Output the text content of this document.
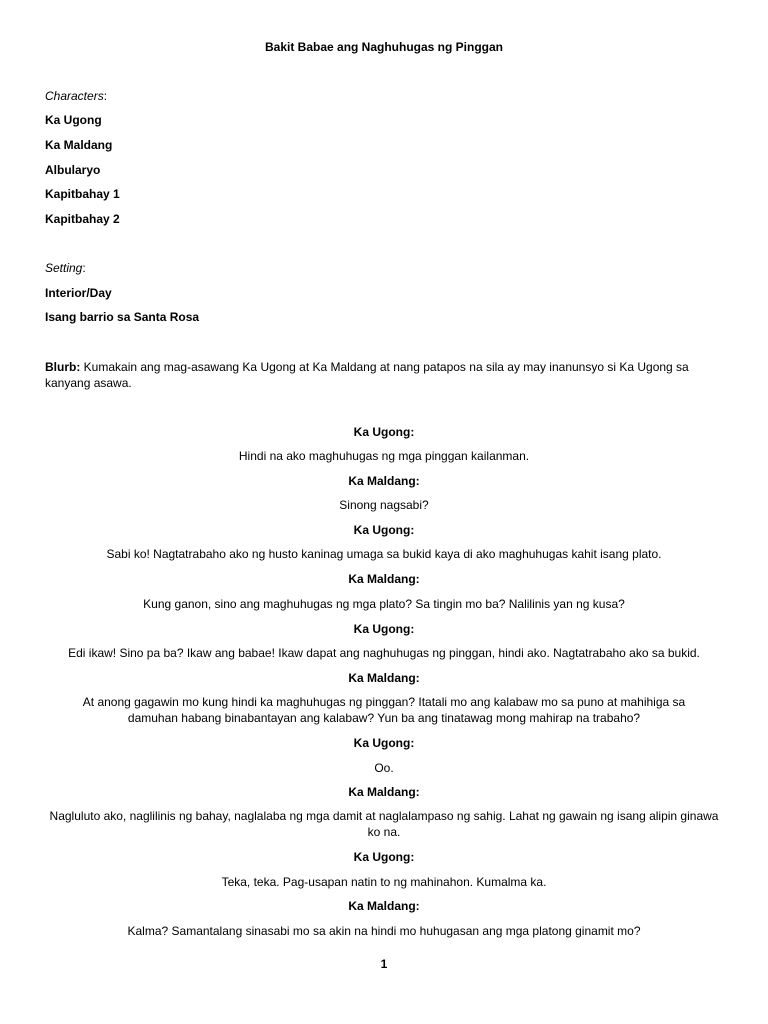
Bakit Babae ang Naghuhugas ng Pinggan
Characters:
Ka Ugong
Ka Maldang
Albularyo
Kapitbahay 1
Kapitbahay 2
Setting:
Interior/Day
Isang barrio sa Santa Rosa
Blurb: Kumakain ang mag-asawang Ka Ugong at Ka Maldang at nang patapos na sila ay may inanunsyo si Ka Ugong sa kanyang asawa.
Ka Ugong:
Hindi na ako maghuhugas ng mga pinggan kailanman.
Ka Maldang:
Sinong nagsabi?
Ka Ugong:
Sabi ko! Nagtatrabaho ako ng husto kaninag umaga sa bukid kaya di ako maghuhugas kahit isang plato.
Ka Maldang:
Kung ganon, sino ang maghuhugas ng mga plato? Sa tingin mo ba? Nalilinis yan ng kusa?
Ka Ugong:
Edi ikaw! Sino pa ba? Ikaw ang babae! Ikaw dapat ang naghuhugas ng pinggan, hindi ako. Nagtatrabaho ako sa bukid.
Ka Maldang:
At anong gagawin mo kung hindi ka maghuhugas ng pinggan? Itatali mo ang kalabaw mo sa puno at mahihiga sa damuhan habang binabantayan ang kalabaw? Yun ba ang tinatawag mong mahirap na trabaho?
Ka Ugong:
Oo.
Ka Maldang:
Nagluluto ako, naglilinis ng bahay, naglalaba ng mga damit at naglalampaso ng sahig. Lahat ng gawain ng isang alipin ginawa ko na.
Ka Ugong:
Teka, teka. Pag-usapan natin to ng mahinahon. Kumalma ka.
Ka Maldang:
Kalma? Samantalang sinasabi mo sa akin na hindi mo huhugasan ang mga platong ginamit mo?
1
